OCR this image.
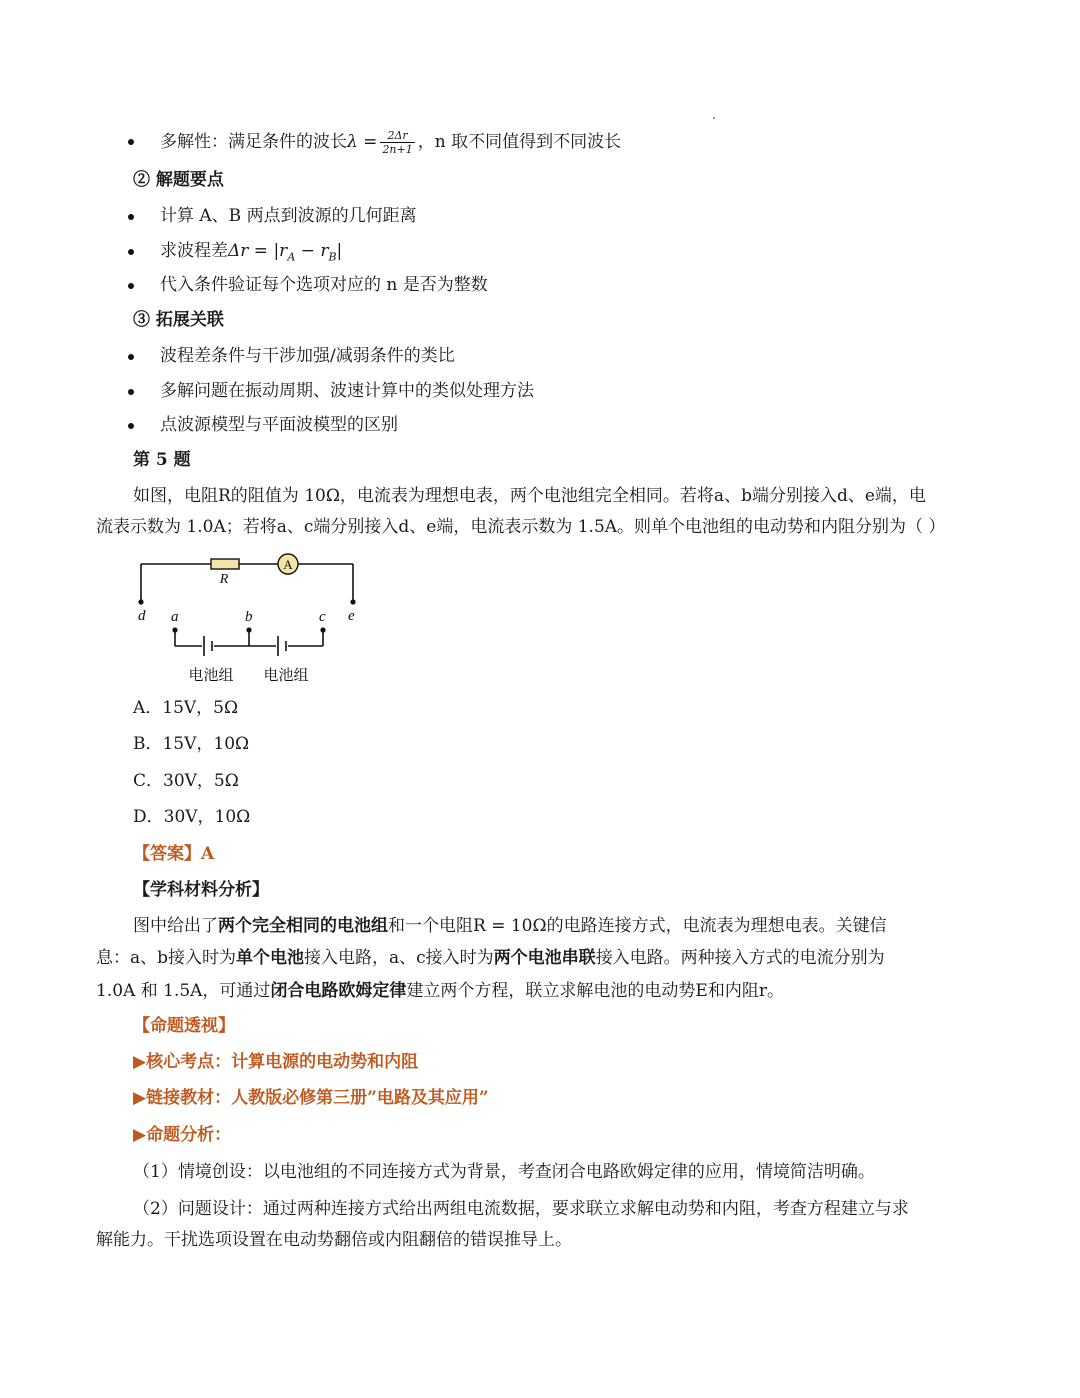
多解性：满足条件的波长$\lambda = \frac{2\Delta r}{2n+1}$ ，n 取不同值得到不同波长
② 解题要点
计算 A、B 两点到波源的几何距离
求波程差$\Delta r = |r_A - r_B|$
代入条件验证每个选项对应的 n 是否为整数
③ 拓展关联
波程差条件与干涉加强/减弱条件的类比
多解问题在振动周期、波速计算中的类似处理方法
点波源模型与平面波模型的区别
第 5 题
如图，电阻R的阻值为 10Ω，电流表为理想电表，两个电池组完全相同。若将a、b端分别接入d、e端，电
流表示数为 1.0A；若将a、c端分别接入d、e端，电流表示数为 1.5A。则单个电池组的电动势和内阻分别为（ ）
A
R
d a	b	c e
电池组 电池组
A．15V，5Ω
B．15V，10Ω
C．30V，5Ω
D．30V，10Ω
【答案】A
【学科材料分析】
图中给出了两个完全相同的电池组和一个电阻R = 10Ω的电路连接方式，电流表为理想电表。关键信
息：a、b接入时为单个电池接入电路，a、c接入时为两个电池串联接入电路。两种接入方式的电流分别为
1.0A 和 1.5A，可通过闭合电路欧姆定律建立两个方程，联立求解电池的电动势E和内阻r。
【命题透视】
▶核心考点：计算电源的电动势和内阻
▶链接教材：人教版必修第三册”电路及其应用”
▶命题分析：
（1）情境创设：以电池组的不同连接方式为背景，考查闭合电路欧姆定律的应用，情境简洁明确。
（2）问题设计：通过两种连接方式给出两组电流数据，要求联立求解电动势和内阻，考查方程建立与求
解能力。干扰选项设置在电动势翻倍或内阻翻倍的错误推导上。
